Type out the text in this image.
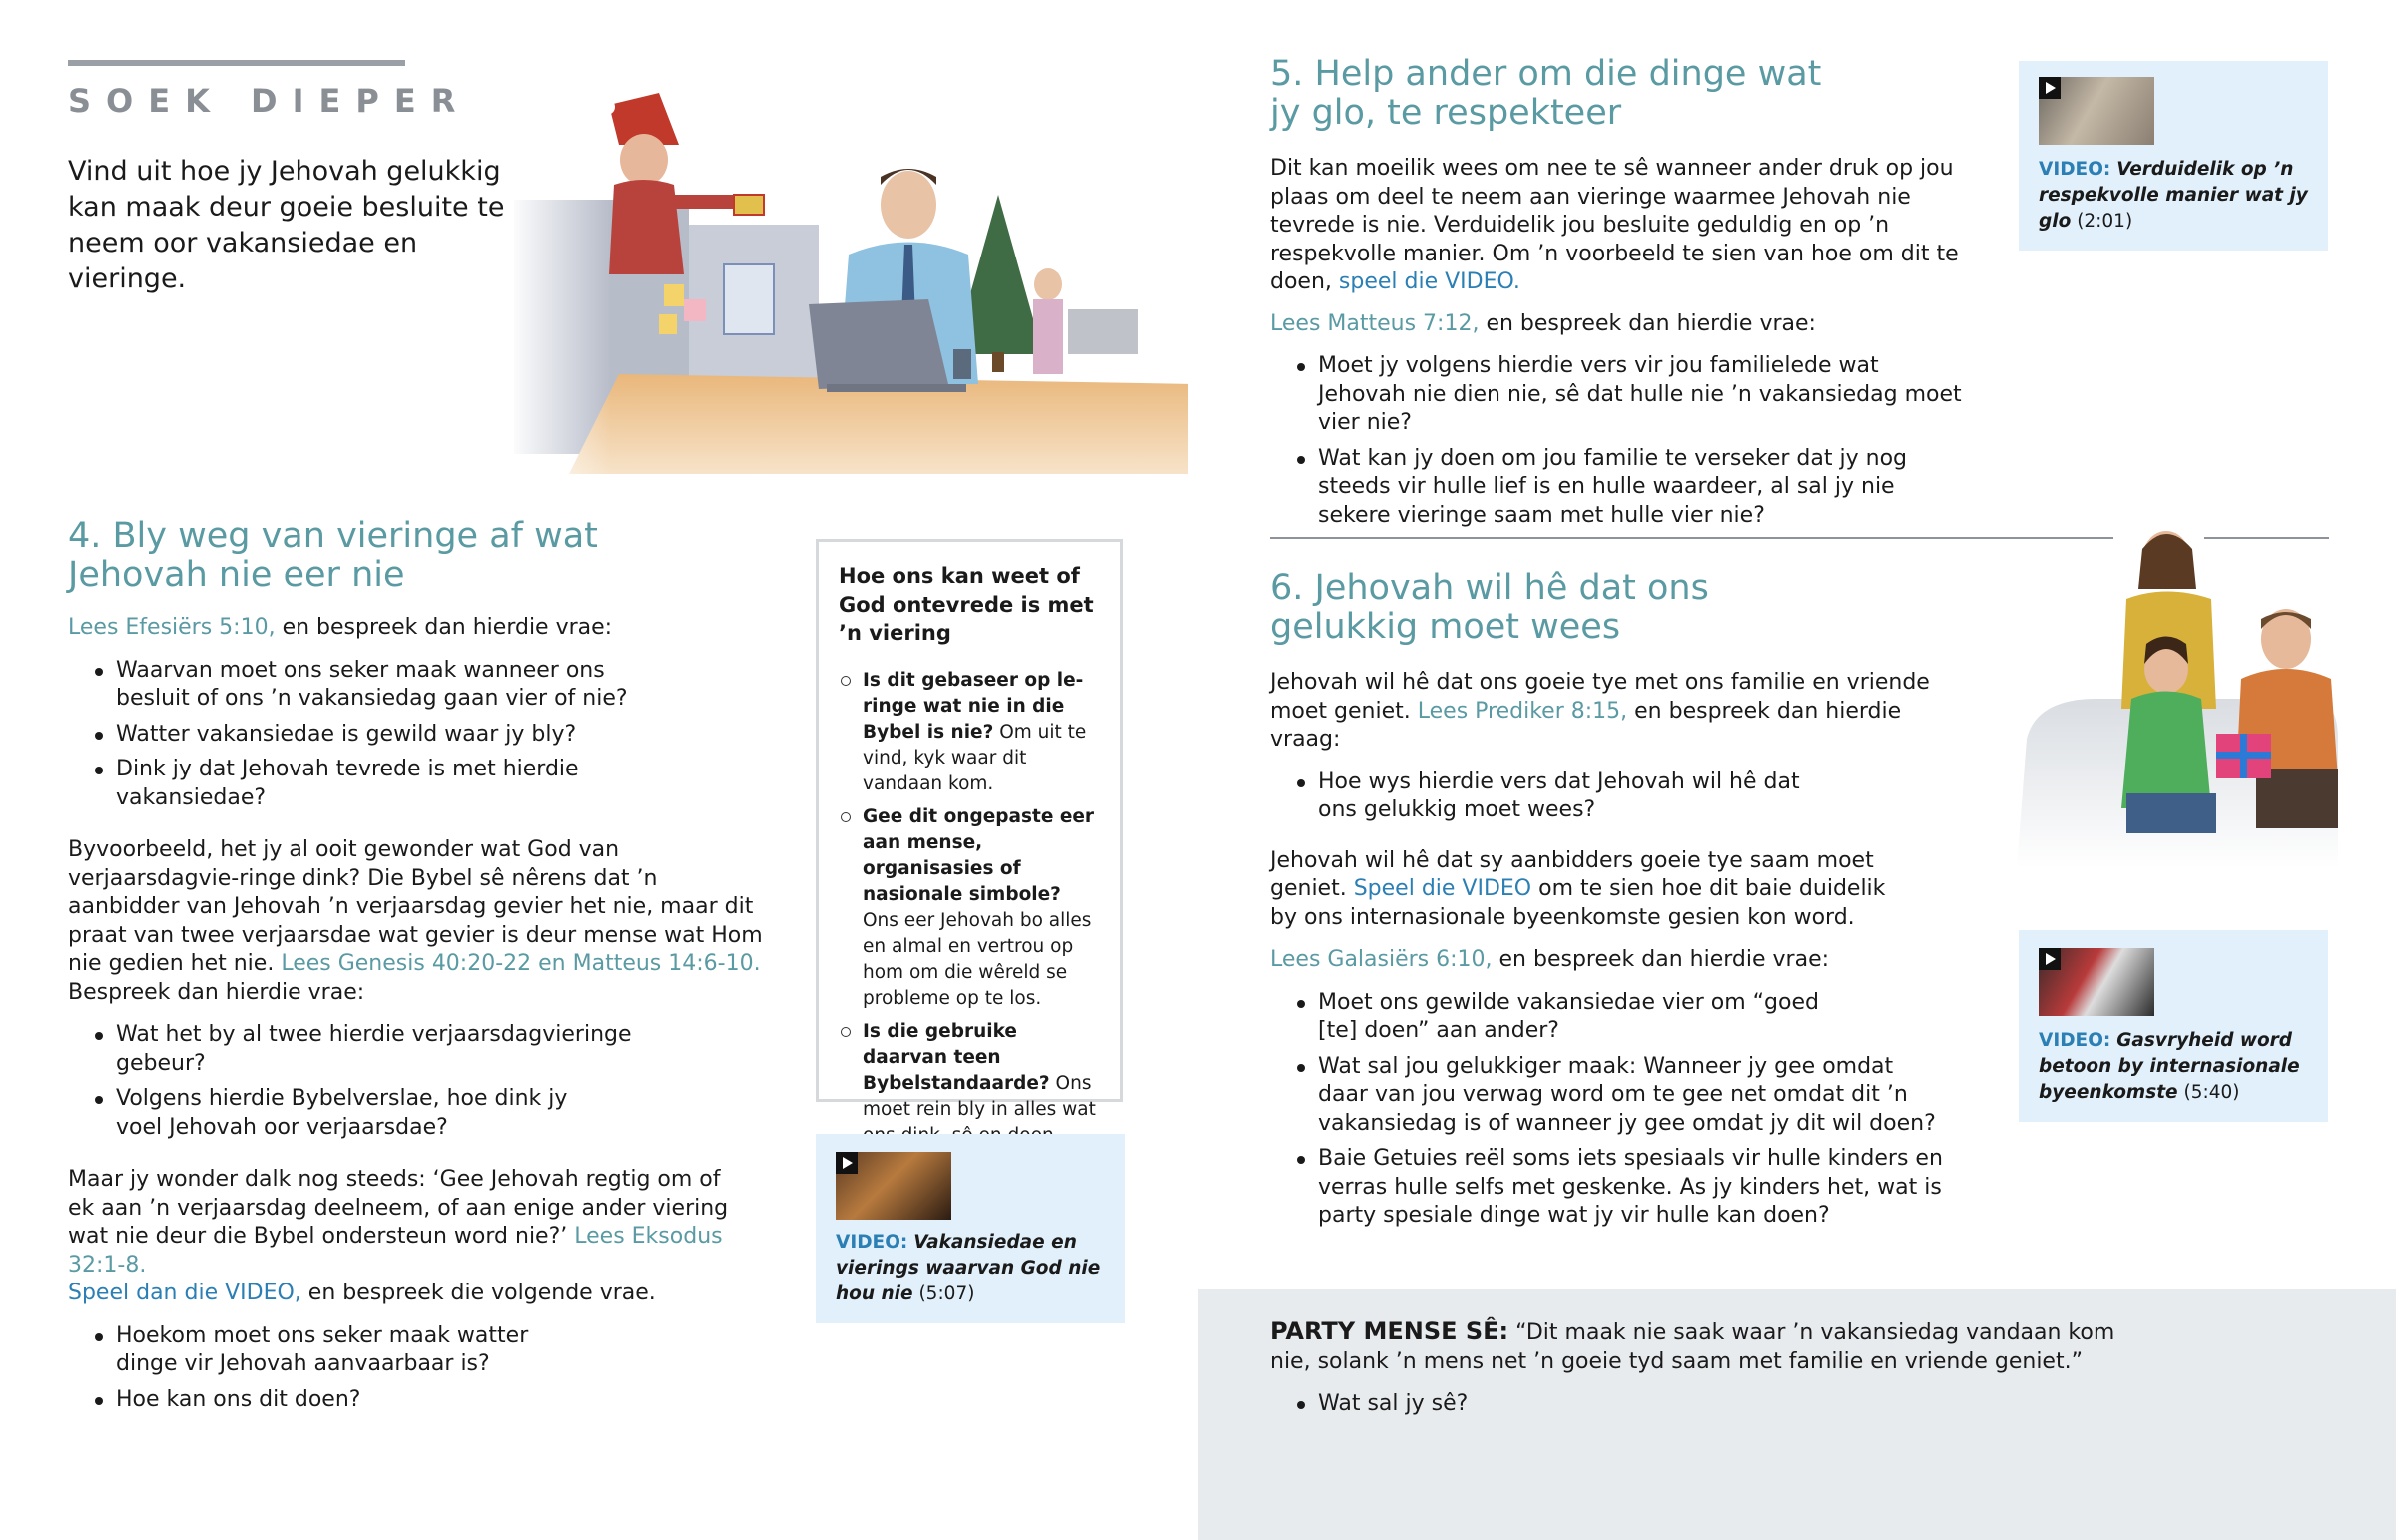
SOEK DIEPER
Vind uit hoe jy Jehovah gelukkig kan maak deur goeie besluite te neem oor vakansiedae en vieringe.
4. Bly weg van vieringe af wat
Jehovah nie eer nie

Lees Efesiërs 5:10, en bespreek dan hierdie vrae:

Waarvan moet ons seker maak wanneer ons besluit of ons ’n vakansiedag gaan vier of nie?
Watter vakansiedae is gewild waar jy bly?
Dink jy dat Jehovah tevrede is met hierdie vakansiedae?

Byvoorbeeld, het jy al ooit gewonder wat God van verjaarsdagvie-ringe dink? Die Bybel sê nêrens dat ’n aanbidder van Jehovah ’n verjaarsdag gevier het nie, maar dit praat van twee verjaarsdae wat gevier is deur mense wat Hom nie gedien het nie. Lees Genesis 40:20-22 en Matteus 14:6-10. Bespreek dan hierdie vrae:

Wat het by al twee hierdie verjaarsdagvieringe gebeur?
Volgens hierdie Bybelverslae, hoe dink jy voel Jehovah oor verjaarsdae?

Maar jy wonder dalk nog steeds: ‘Gee Jehovah regtig om of ek aan ’n verjaarsdag deelneem, of aan enige ander viering wat nie deur die Bybel ondersteun word nie?’ Lees Eksodus 32:1-8.
Speel dan die VIDEO, en bespreek die volgende vrae.

Hoekom moet ons seker maak watter dinge vir Jehovah aanvaarbaar is?
Hoe kan ons dit doen?
Hoe ons kan weet of God ontevrede is met ’n viering
Is dit gebaseer op le-ringe wat nie in die Bybel is nie? Om uit te vind, kyk waar dit vandaan kom.
Gee dit ongepaste eer aan mense, organisasies of nasionale simbole? Ons eer Jehovah bo alles en almal en vertrou op hom om die wêreld se probleme op te los.
Is die gebruike daarvan teen Bybelstandaarde? Ons moet rein bly in alles wat
VIDEO: Vakansiedae en vierings waarvan God nie hou nie (5:07)
5. Help ander om die dinge wat
jy glo, te respekteer

Dit kan moeilik wees om nee te sê wanneer ander druk op jou plaas om deel te neem aan vieringe waarmee Jehovah nie tevrede is nie. Verduidelik jou besluite geduldig en op ’n respekvolle manier. Om ’n voorbeeld te sien van hoe om dit te doen, speel die VIDEO.

Lees Matteus 7:12, en bespreek dan hierdie vrae:

Moet jy volgens hierdie vers vir jou familielede wat Jehovah nie dien nie, sê dat hulle nie ’n vakansiedag moet vier nie?
Wat kan jy doen om jou familie te verseker dat jy nog steeds vir hulle lief is en hulle waardeer, al sal jy nie sekere vieringe saam met hulle vier nie?
VIDEO: Verduidelik op ’n respekvolle manier wat jy glo (2:01)
6. Jehovah wil hê dat ons
gelukkig moet wees

Jehovah wil hê dat ons goeie tye met ons familie en vriende moet geniet. Lees Prediker 8:15, en bespreek dan hierdie vraag:

Hoe wys hierdie vers dat Jehovah wil hê dat ons gelukkig moet wees?

Jehovah wil hê dat sy aanbidders goeie tye saam moet geniet. Speel die VIDEO om te sien hoe dit baie duidelik by ons internasionale byeenkomste gesien kon word.

Lees Galasiërs 6:10, en bespreek dan hierdie vrae:

Moet ons gewilde vakansiedae vier om “goed [te] doen” aan ander?
Wat sal jou gelukkiger maak: Wanneer jy gee omdat daar van jou verwag word om te gee net omdat dit ’n vakansiedag is of wanneer jy gee omdat jy dit wil doen?
Baie Getuies reël soms iets spesiaals vir hulle kinders en verras hulle selfs met geskenke. As jy kinders het, wat is party spesiale dinge wat jy vir hulle kan doen?
VIDEO: Gasvryheid word betoon by internasionale byeenkomste (5:40)

PARTY MENSE SÊ: “Dit maak nie saak waar ’n vakansiedag vandaan kom nie, solank ’n mens net ’n goeie tyd saam met familie en vriende geniet.”

Wat sal jy sê?
